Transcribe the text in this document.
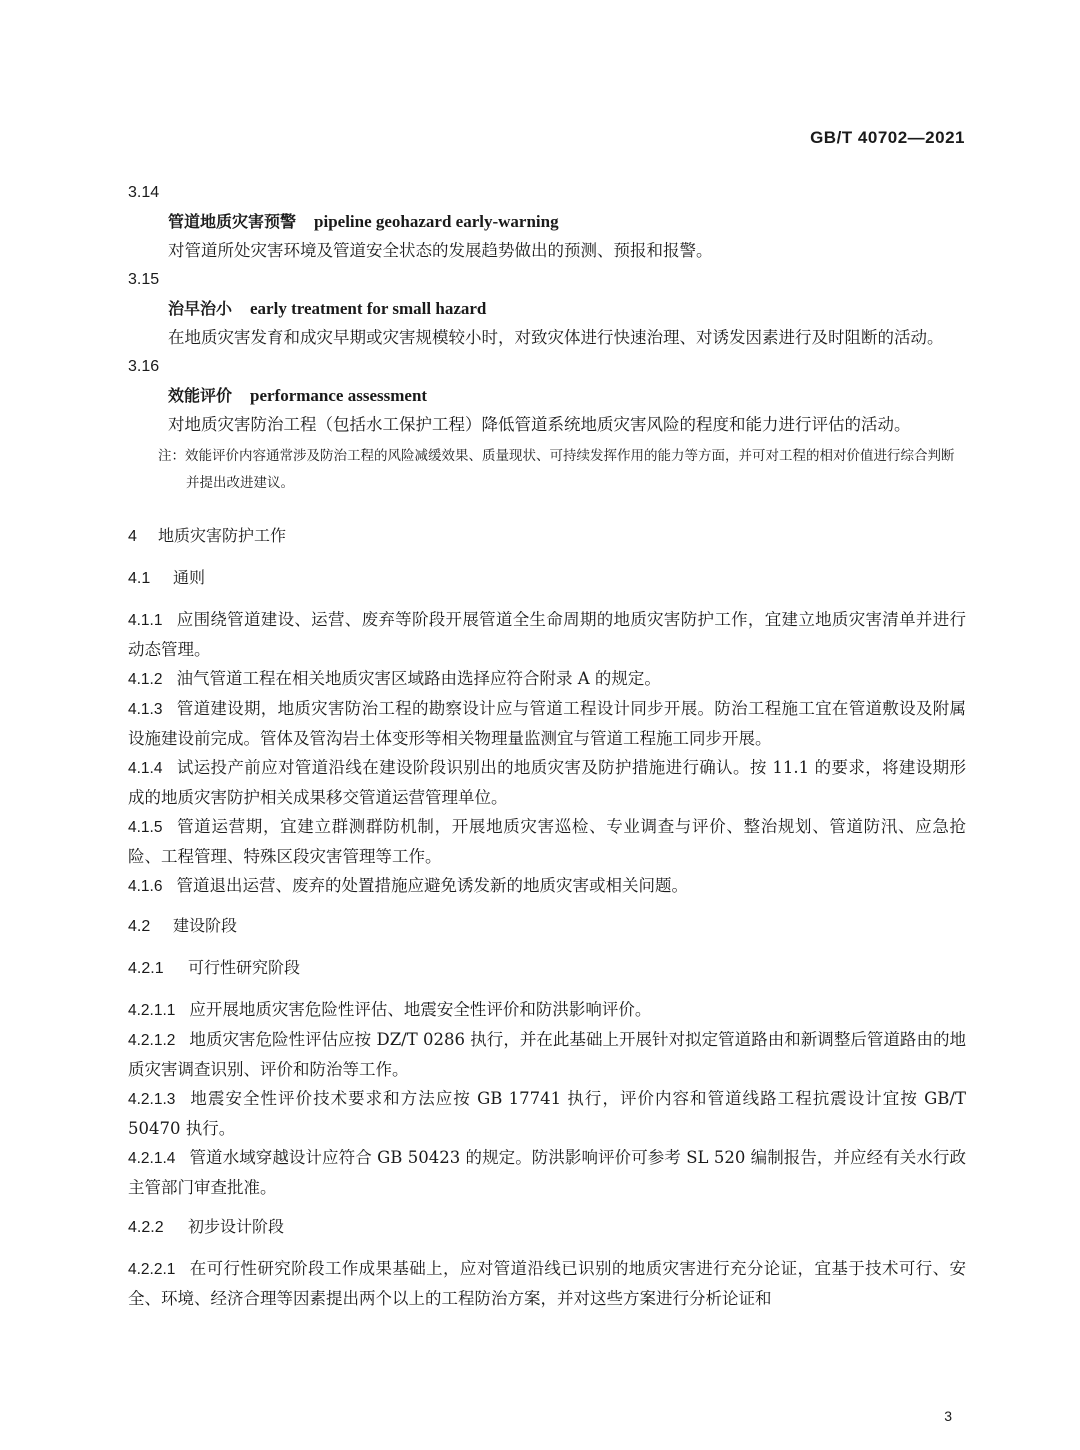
GB/T 40702—2021
3.14
管道地质灾害预警 pipeline geohazard early-warning
对管道所处灾害环境及管道安全状态的发展趋势做出的预测、预报和报警。
3.15
治早治小 early treatment for small hazard
在地质灾害发育和成灾早期或灾害规模较小时，对致灾体进行快速治理、对诱发因素进行及时阻断的活动。
3.16
效能评价 performance assessment
对地质灾害防治工程（包括水工保护工程）降低管道系统地质灾害风险的程度和能力进行评估的活动。
注：效能评价内容通常涉及防治工程的风险减缓效果、质量现状、可持续发挥作用的能力等方面，并可对工程的相对价值进行综合判断并提出改进建议。
4 地质灾害防护工作
4.1 通则
4.1.1 应围绕管道建设、运营、废弃等阶段开展管道全生命周期的地质灾害防护工作，宜建立地质灾害清单并进行动态管理。
4.1.2 油气管道工程在相关地质灾害区域路由选择应符合附录 A 的规定。
4.1.3 管道建设期，地质灾害防治工程的勘察设计应与管道工程设计同步开展。防治工程施工宜在管道敷设及附属设施建设前完成。管体及管沟岩土体变形等相关物理量监测宜与管道工程施工同步开展。
4.1.4 试运投产前应对管道沿线在建设阶段识别出的地质灾害及防护措施进行确认。按 11.1 的要求，将建设期形成的地质灾害防护相关成果移交管道运营管理单位。
4.1.5 管道运营期，宜建立群测群防机制，开展地质灾害巡检、专业调查与评价、整治规划、管道防汛、应急抢险、工程管理、特殊区段灾害管理等工作。
4.1.6 管道退出运营、废弃的处置措施应避免诱发新的地质灾害或相关问题。
4.2 建设阶段
4.2.1 可行性研究阶段
4.2.1.1 应开展地质灾害危险性评估、地震安全性评价和防洪影响评价。
4.2.1.2 地质灾害危险性评估应按 DZ/T 0286 执行，并在此基础上开展针对拟定管道路由和新调整后管道路由的地质灾害调查识别、评价和防治等工作。
4.2.1.3 地震安全性评价技术要求和方法应按 GB 17741 执行，评价内容和管道线路工程抗震设计宜按 GB/T 50470 执行。
4.2.1.4 管道水域穿越设计应符合 GB 50423 的规定。防洪影响评价可参考 SL 520 编制报告，并应经有关水行政主管部门审查批准。
4.2.2 初步设计阶段
4.2.2.1 在可行性研究阶段工作成果基础上，应对管道沿线已识别的地质灾害进行充分论证，宜基于技术可行、安全、环境、经济合理等因素提出两个以上的工程防治方案，并对这些方案进行分析论证和
3
